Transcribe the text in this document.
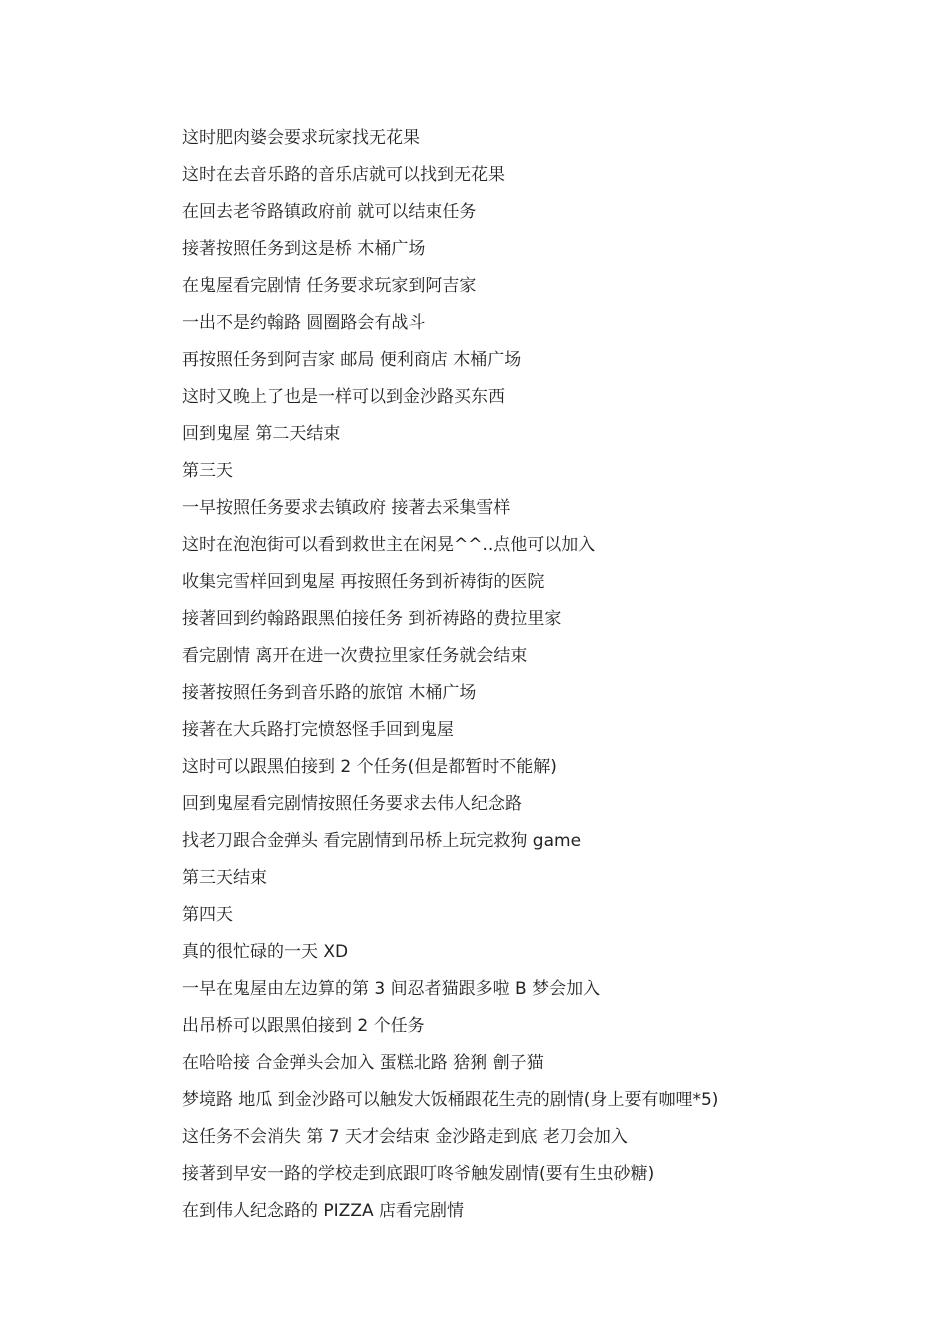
这时肥肉婆会要求玩家找无花果
这时在去音乐路的音乐店就可以找到无花果
在回去老爷路镇政府前 就可以结束任务
接著按照任务到这是桥 木桶广场
在鬼屋看完剧情 任务要求玩家到阿吉家
一出不是约翰路 圆圈路会有战斗
再按照任务到阿吉家 邮局 便利商店 木桶广场
这时又晚上了也是一样可以到金沙路买东西
回到鬼屋 第二天结束
第三天
一早按照任务要求去镇政府 接著去采集雪样
这时在泡泡街可以看到救世主在闲晃^^..点他可以加入
收集完雪样回到鬼屋 再按照任务到祈祷街的医院
接著回到约翰路跟黑伯接任务 到祈祷路的费拉里家
看完剧情 离开在进一次费拉里家任务就会结束
接著按照任务到音乐路的旅馆 木桶广场
接著在大兵路打完愤怒怪手回到鬼屋
这时可以跟黑伯接到 2 个任务(但是都暂时不能解)
回到鬼屋看完剧情按照任务要求去伟人纪念路
找老刀跟合金弹头 看完剧情到吊桥上玩完救狗 game
第三天结束
第四天
真的很忙碌的一天 XD
一早在鬼屋由左边算的第 3 间忍者猫跟多啦 B 梦会加入
出吊桥可以跟黑伯接到 2 个任务
在哈哈接 合金弹头会加入 蛋糕北路 猞猁 劊子猫
梦境路 地瓜 到金沙路可以触发大饭桶跟花生壳的剧情(身上要有咖哩*5)
这任务不会消失 第 7 天才会结束 金沙路走到底 老刀会加入
接著到早安一路的学校走到底跟叮咚爷触发剧情(要有生虫砂糖)
在到伟人纪念路的 PIZZA 店看完剧情
